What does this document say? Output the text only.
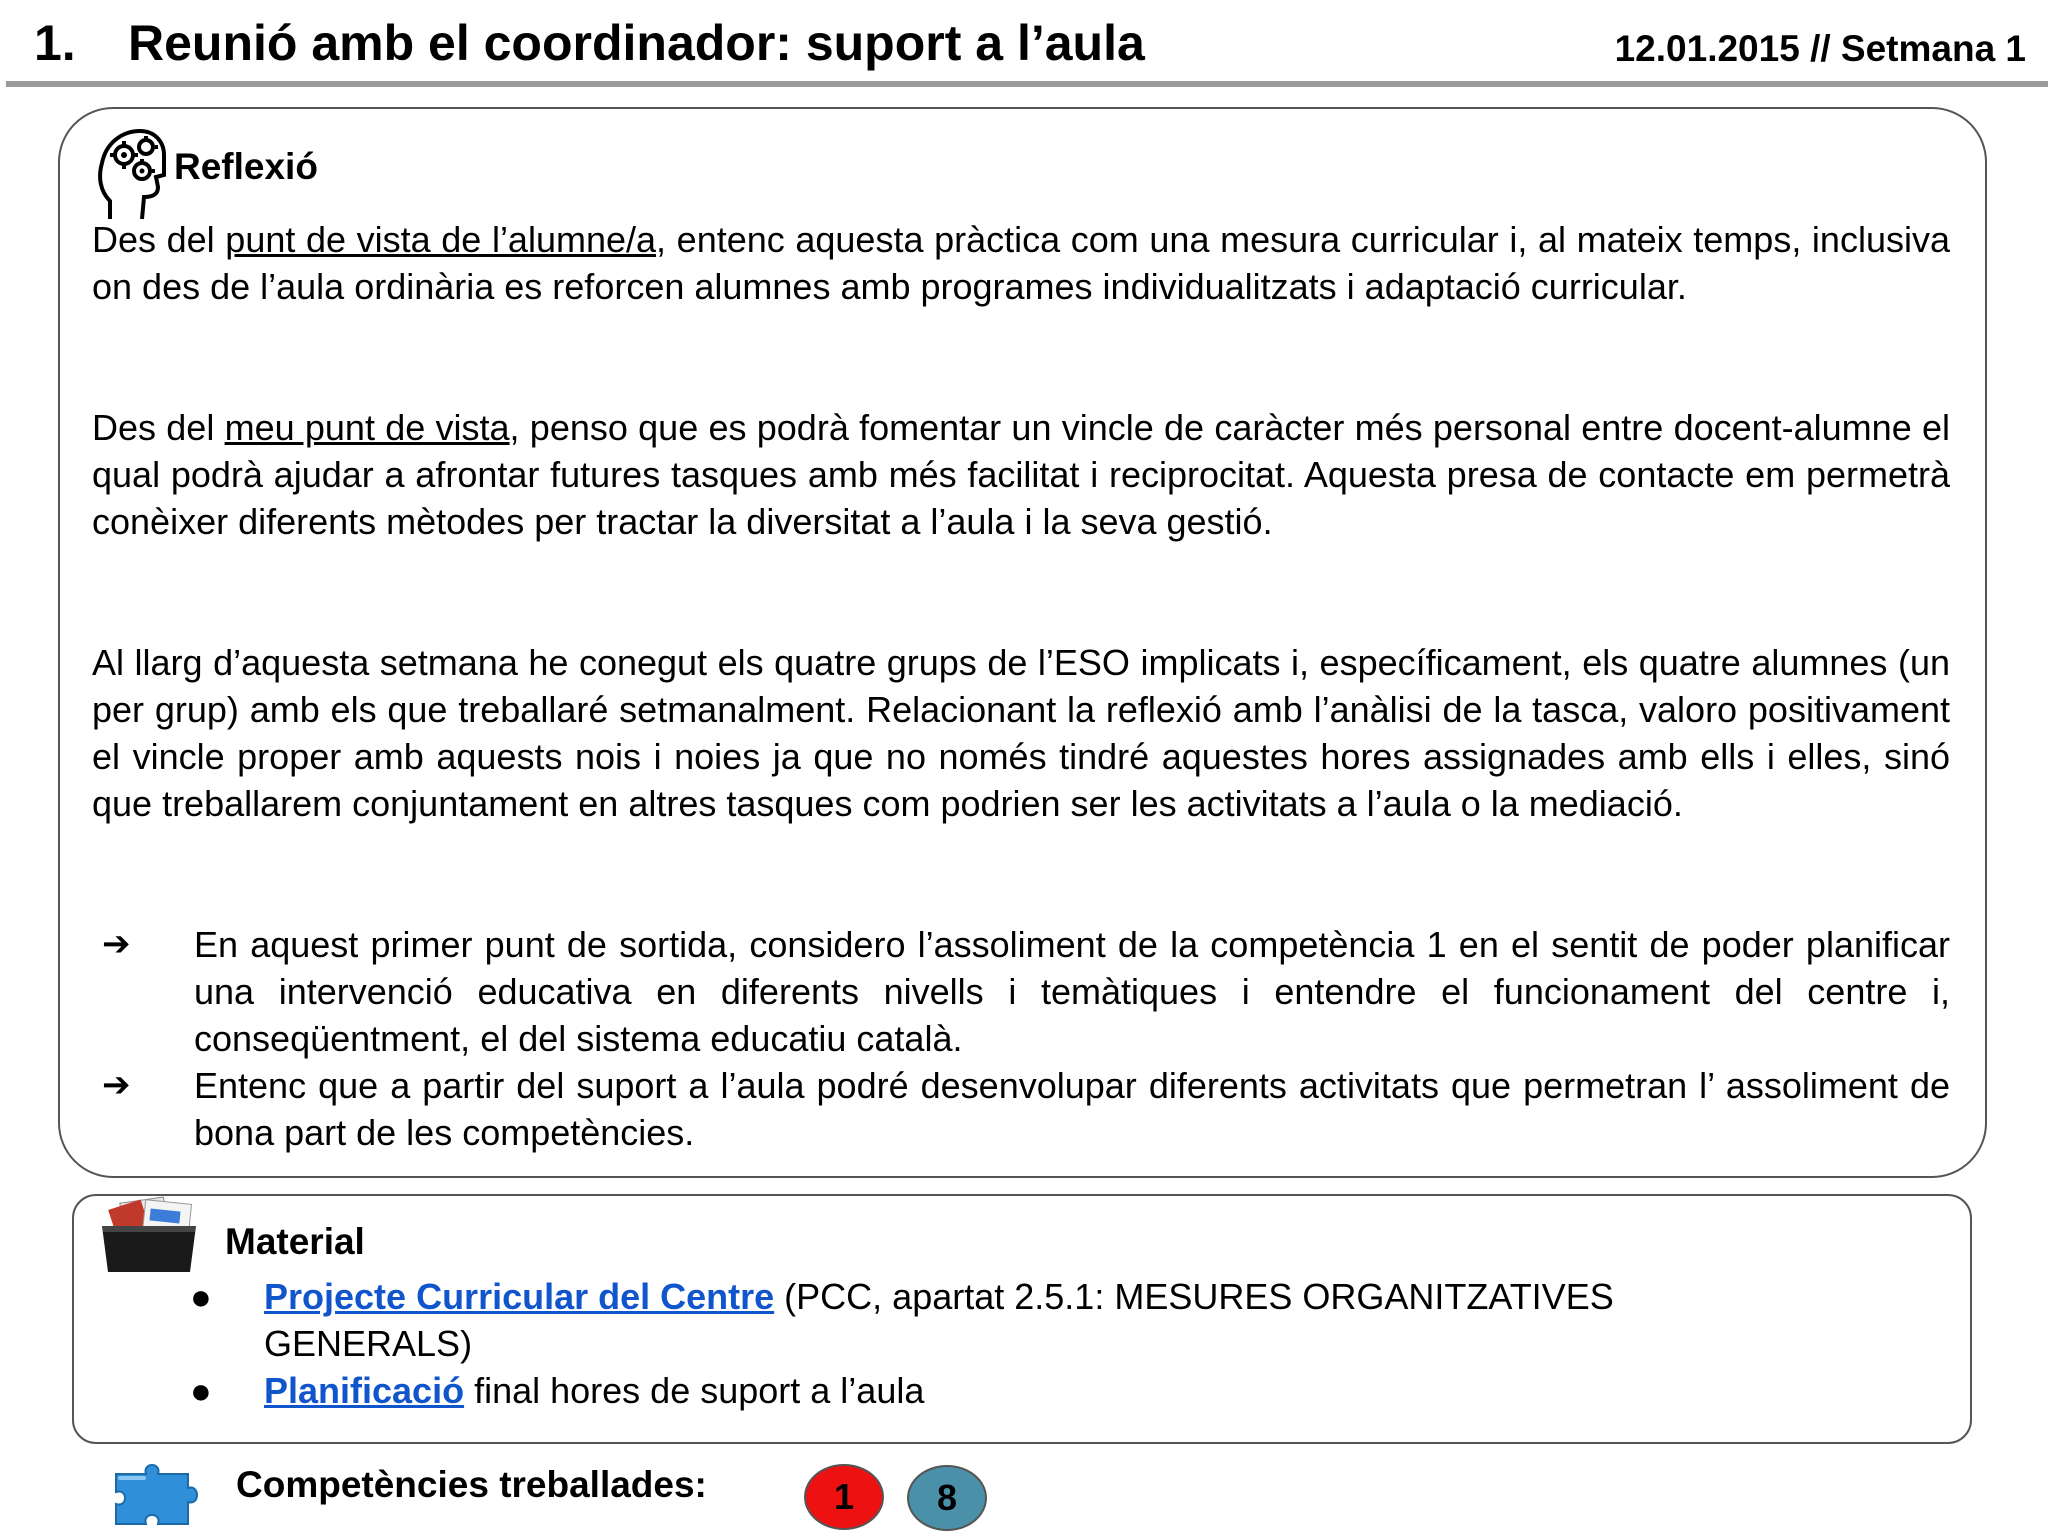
1. Reunió amb el coordinador: suport a l’aula	12.01.2015 // Setmana 1
Reflexió
Des del punt de vista de l’alumne/a, entenc aquesta pràctica com una mesura curricular i, al mateix temps, inclusiva on des de l’aula ordinària es reforcen alumnes amb programes individualitzats i adaptació curricular.
Des del meu punt de vista, penso que es podrà fomentar un vincle de caràcter més personal entre docent-alumne el qual podrà ajudar a afrontar futures tasques amb més facilitat i reciprocitat. Aquesta presa de contacte em permetrà conèixer diferents mètodes per tractar la diversitat a l’aula i la seva gestió.
Al llarg d’aquesta setmana he conegut els quatre grups de l’ESO implicats i, específicament, els quatre alumnes (un per grup) amb els que treballaré setmanalment. Relacionant la reflexió amb l’anàlisi de la tasca, valoro positivament el vincle proper amb aquests nois i noies ja que no només tindré aquestes hores assignades amb ells i elles, sinó que treballarem conjuntament en altres tasques com podrien ser les activitats a l’aula o la mediació.
➔ En aquest primer punt de sortida, considero l’assoliment de la competència 1 en el sentit de poder planificar una intervenció educativa en diferents nivells i temàtiques i entendre el funcionament del centre i, conseqüentment, el del sistema educatiu català.
➔ Entenc que a partir del suport a l’aula podré desenvolupar diferents activitats que permetran l’ assoliment de bona part de les competències.
Material
● Projecte Curricular del Centre (PCC, apartat 2.5.1: MESURES ORGANITZATIVES GENERALS)
● Planificació final hores de suport a l’aula
Competències treballades:	1	8
